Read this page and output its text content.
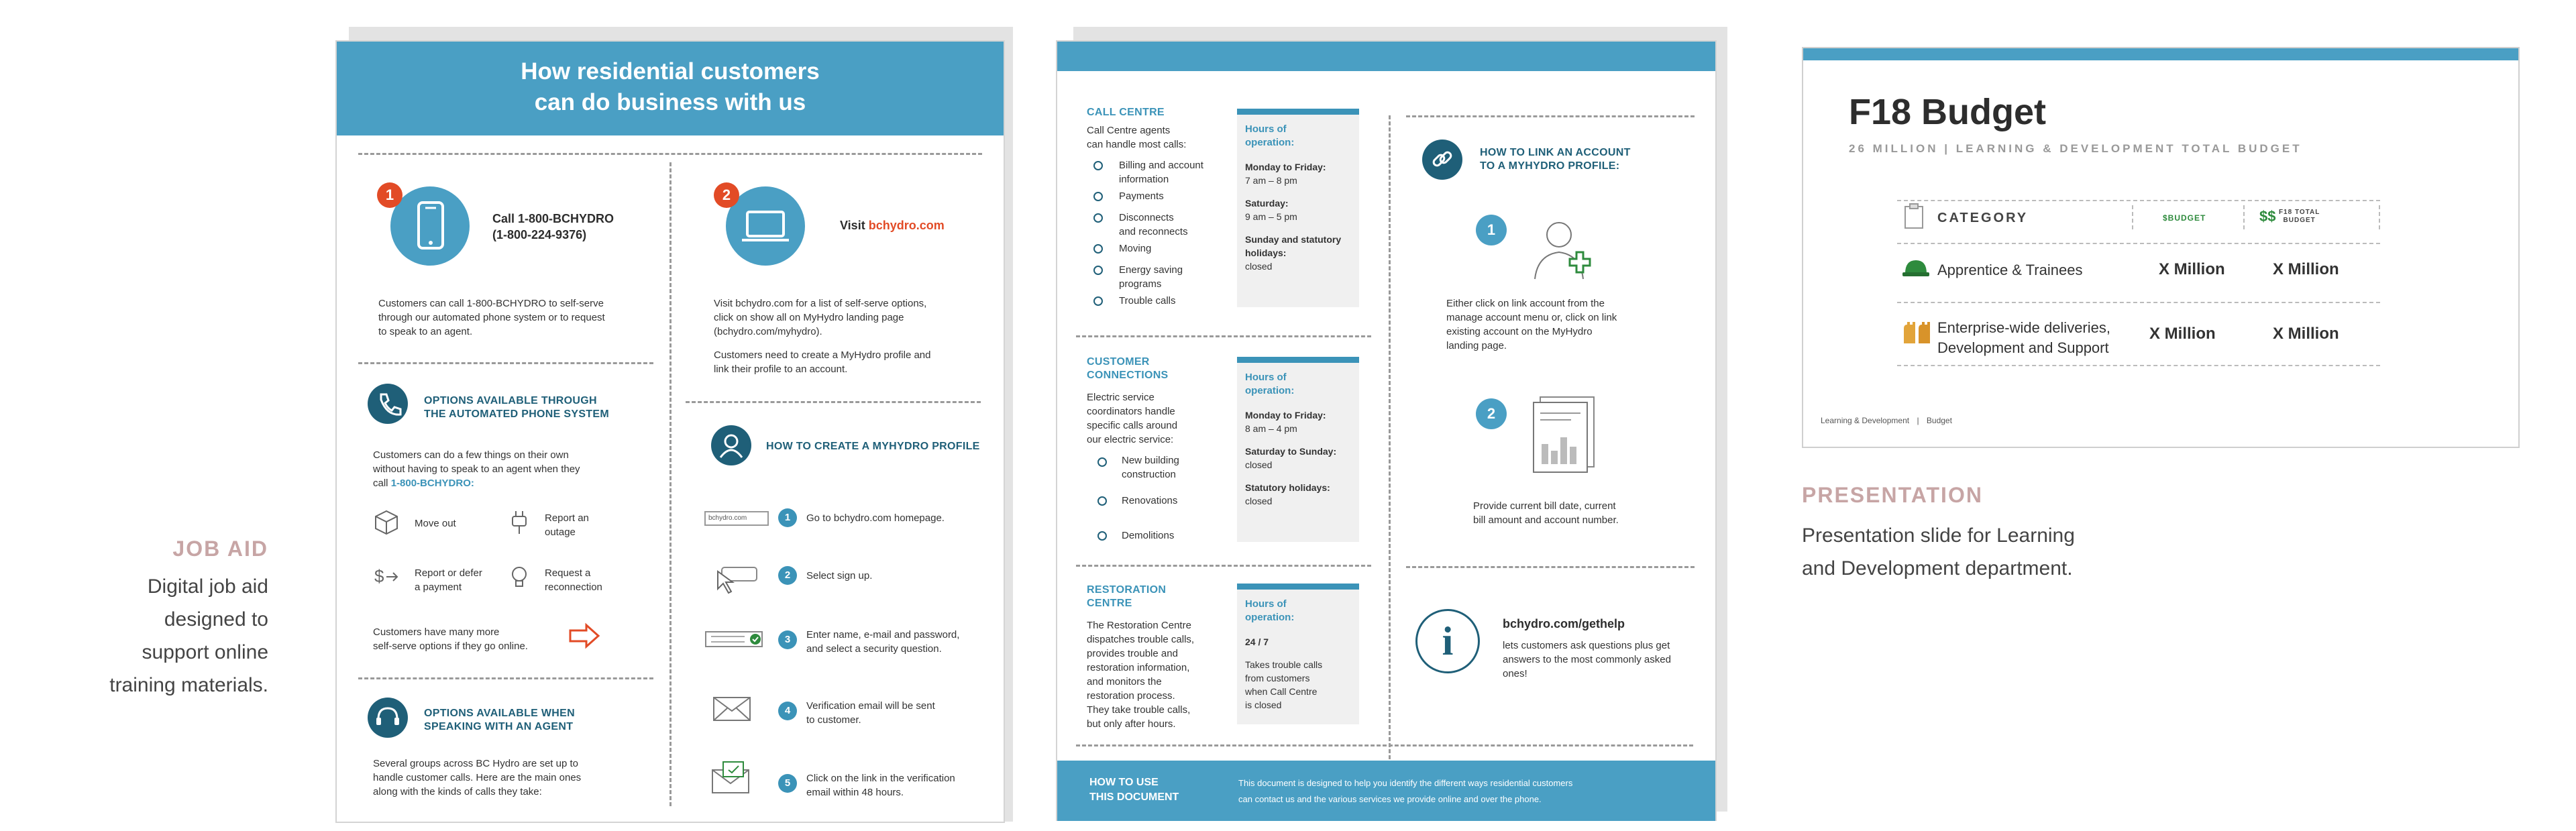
JOB AID
Digital job aid
designed to
support online
training materials.
How residential customers
can do business with us
1
Call 1-800-BCHYDRO
(1-800-224-9376)
Customers can call 1-800-BCHYDRO to self-serve
through our automated phone system or to request
to speak to an agent.
2
Visit bchydro.com
Visit bchydro.com for a list of self-serve options,
click on show all on MyHydro landing page
(bchydro.com/myhydro).
Customers need to create a MyHydro profile and
link their profile to an account.
OPTIONS AVAILABLE THROUGH
THE AUTOMATED PHONE SYSTEM
Customers can do a few things on their own
without having to speak to an agent when they
call 1-800-BCHYDRO:
Move out	Report an
outage
$	Report or defer
a payment
Request a
reconnection
Customers have many more
self-serve options if they go online.
OPTIONS AVAILABLE WHEN
SPEAKING WITH AN AGENT
Several groups across BC Hydro are set up to
handle customer calls. Here are the main ones
along with the kinds of calls they take:
HOW TO CREATE A MYHYDRO PROFILE
bchydro.com	1	Go to bchydro.com homepage.
2	Select sign up.
3	Enter name, e-mail and password,
and select a security question.
4	Verification email will be sent
to customer.
5	Click on the link in the verification
email within 48 hours.
CALL CENTRE
Call Centre agents
can handle most calls:
Billing and account
information
Payments
Disconnects
and reconnects
Moving
Energy saving
programs
Trouble calls
Hours of
operation:

Monday to Friday:
7 am – 8 pm

Saturday:
9 am – 5 pm

Sunday and statutory holidays:
closed

CUSTOMER
CONNECTIONS
Electric service
coordinators handle
specific calls around
our electric service:
New building
construction
Renovations
Demolitions
Hours of
operation:

Monday to Friday:
8 am – 4 pm

Saturday to Sunday:
closed

Statutory holidays:
closed

RESTORATION
CENTRE
The Restoration Centre
dispatches trouble calls,
provides trouble and
restoration information,
and monitors the
restoration process.
They take trouble calls,
but only after hours.
Hours of
operation:

24 / 7

Takes trouble calls
from customers
when Call Centre
is closed
HOW TO LINK AN ACCOUNT
TO A MYHYDRO PROFILE:
1
Either click on link account from the
manage account menu or, click on link
existing account on the MyHydro
landing page.
2
Provide current bill date, current
bill amount and account number.
i	bchydro.com/gethelp
lets customers ask questions plus get
answers to the most commonly asked
ones!
HOW TO USE
THIS DOCUMENT
This document is designed to help you identify the different ways residential customers
can contact us and the various services we provide online and over the phone.
F18 Budget
26 MILLION | LEARNING & DEVELOPMENT TOTAL BUDGET
CATEGORY	$BUDGET	$$ F18 TOTAL
BUDGET
Apprentice & Trainees	X Million	X Million
Enterprise-wide deliveries,
Development and Support
X Million	X Million
Learning & Development | Budget
PRESENTATION
Presentation slide for Learning
and Development department.
